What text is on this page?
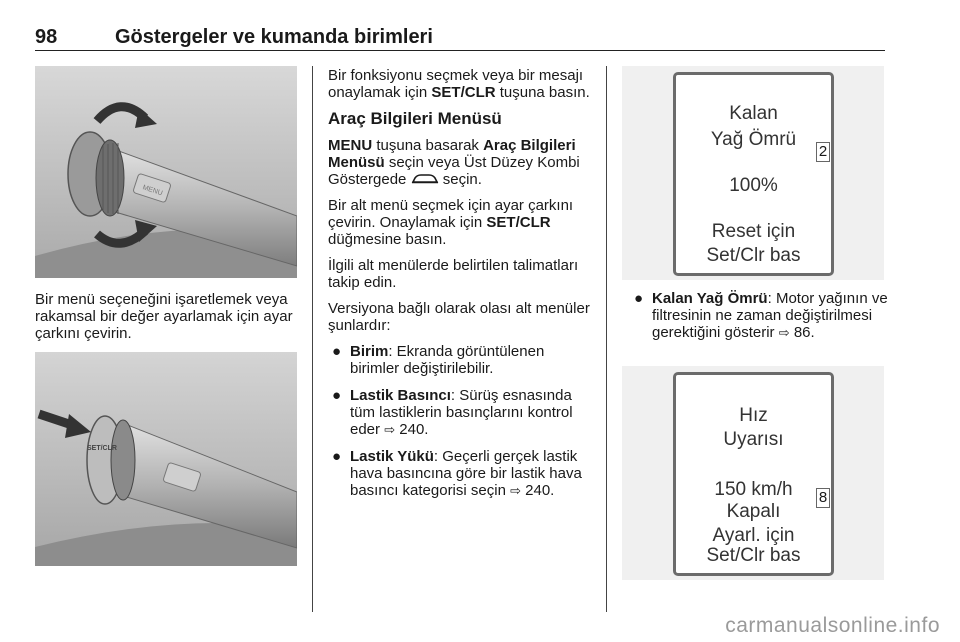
98	Göstergeler ve kumanda birimleri
MENU

Bir menü seçeneğini işaretlemek veya rakamsal bir değer ayarlamak için ayar çarkını çevirin.

SET/CLR

Bir fonksiyonu seçmek veya bir mesajı onaylamak için SET/CLR tuşuna basın.

Araç Bilgileri Menüsü

MENU tuşuna basarak Araç Bilgileri Menüsü seçin veya Üst Düzey Kombi Göstergede  seçin.

Bir alt menü seçmek için ayar çarkını çevirin. Onaylamak için SET/CLR düğmesine basın.

İlgili alt menülerde belirtilen talimatları takip edin.

Versiyona bağlı olarak olası alt menüler şunlardır:

● Birim: Ekranda görüntülenen birimler değiştirilebilir.
● Lastik Basıncı: Sürüş esnasında tüm lastiklerin basınçlarını kontrol eder ⇨ 240.
● Lastik Yükü: Geçerli gerçek lastik hava basıncına göre bir lastik hava basıncı kategorisi seçin ⇨ 240.
Kalan
Yağ Ömrü
100%
Reset için
Set/Clr bas
2
● Kalan Yağ Ömrü: Motor yağının ve filtresinin ne zaman değiştirilmesi gerektiğini gösterir ⇨ 86.
Hız
Uyarısı
150 km/h
Kapalı
Ayarl. için
Set/Clr bas
8
carmanualsonline.info
